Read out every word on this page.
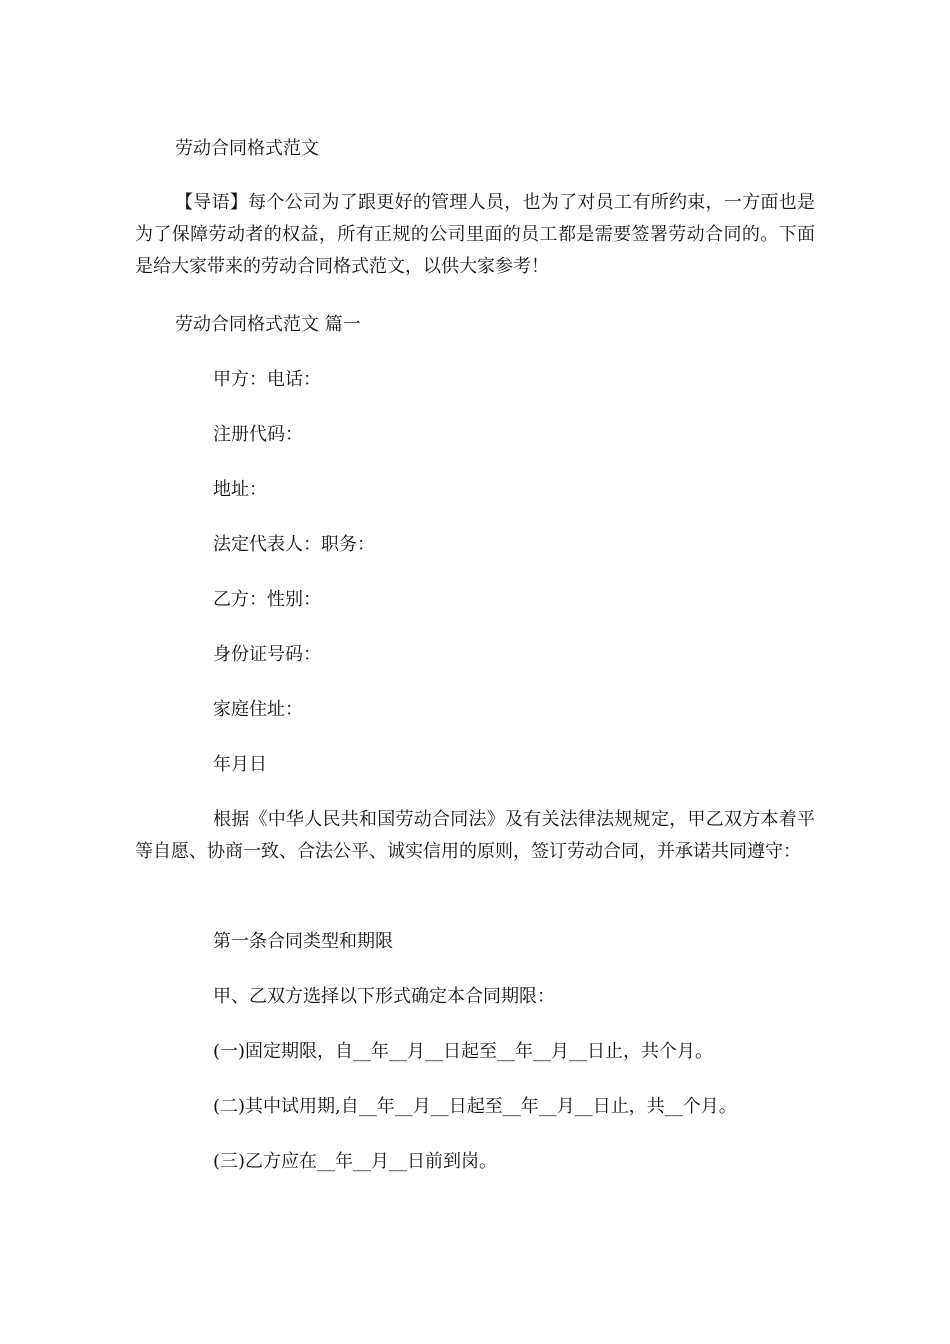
劳动合同格式范文

【导语】每个公司为了跟更好的管理人员，也为了对员工有所约束，一方面也是为了保障劳动者的权益，所有正规的公司里面的员工都是需要签署劳动合同的。下面是给大家带来的劳动合同格式范文，以供大家参考！

劳动合同格式范文 篇一

甲方：电话：

注册代码：

地址：

法定代表人：职务：

乙方：性别：

身份证号码：

家庭住址：

年月日

根据《中华人民共和国劳动合同法》及有关法律法规规定，甲乙双方本着平等自愿、协商一致、合法公平、诚实信用的原则，签订劳动合同，并承诺共同遵守：

第一条合同类型和期限

甲、乙双方选择以下形式确定本合同期限：

(一)固定期限，自__年__月__日起至__年__月__日止，共个月。

(二)其中试用期,自__年__月__日起至__年__月__日止，共__个月。

(三)乙方应在__年__月__日前到岗。
